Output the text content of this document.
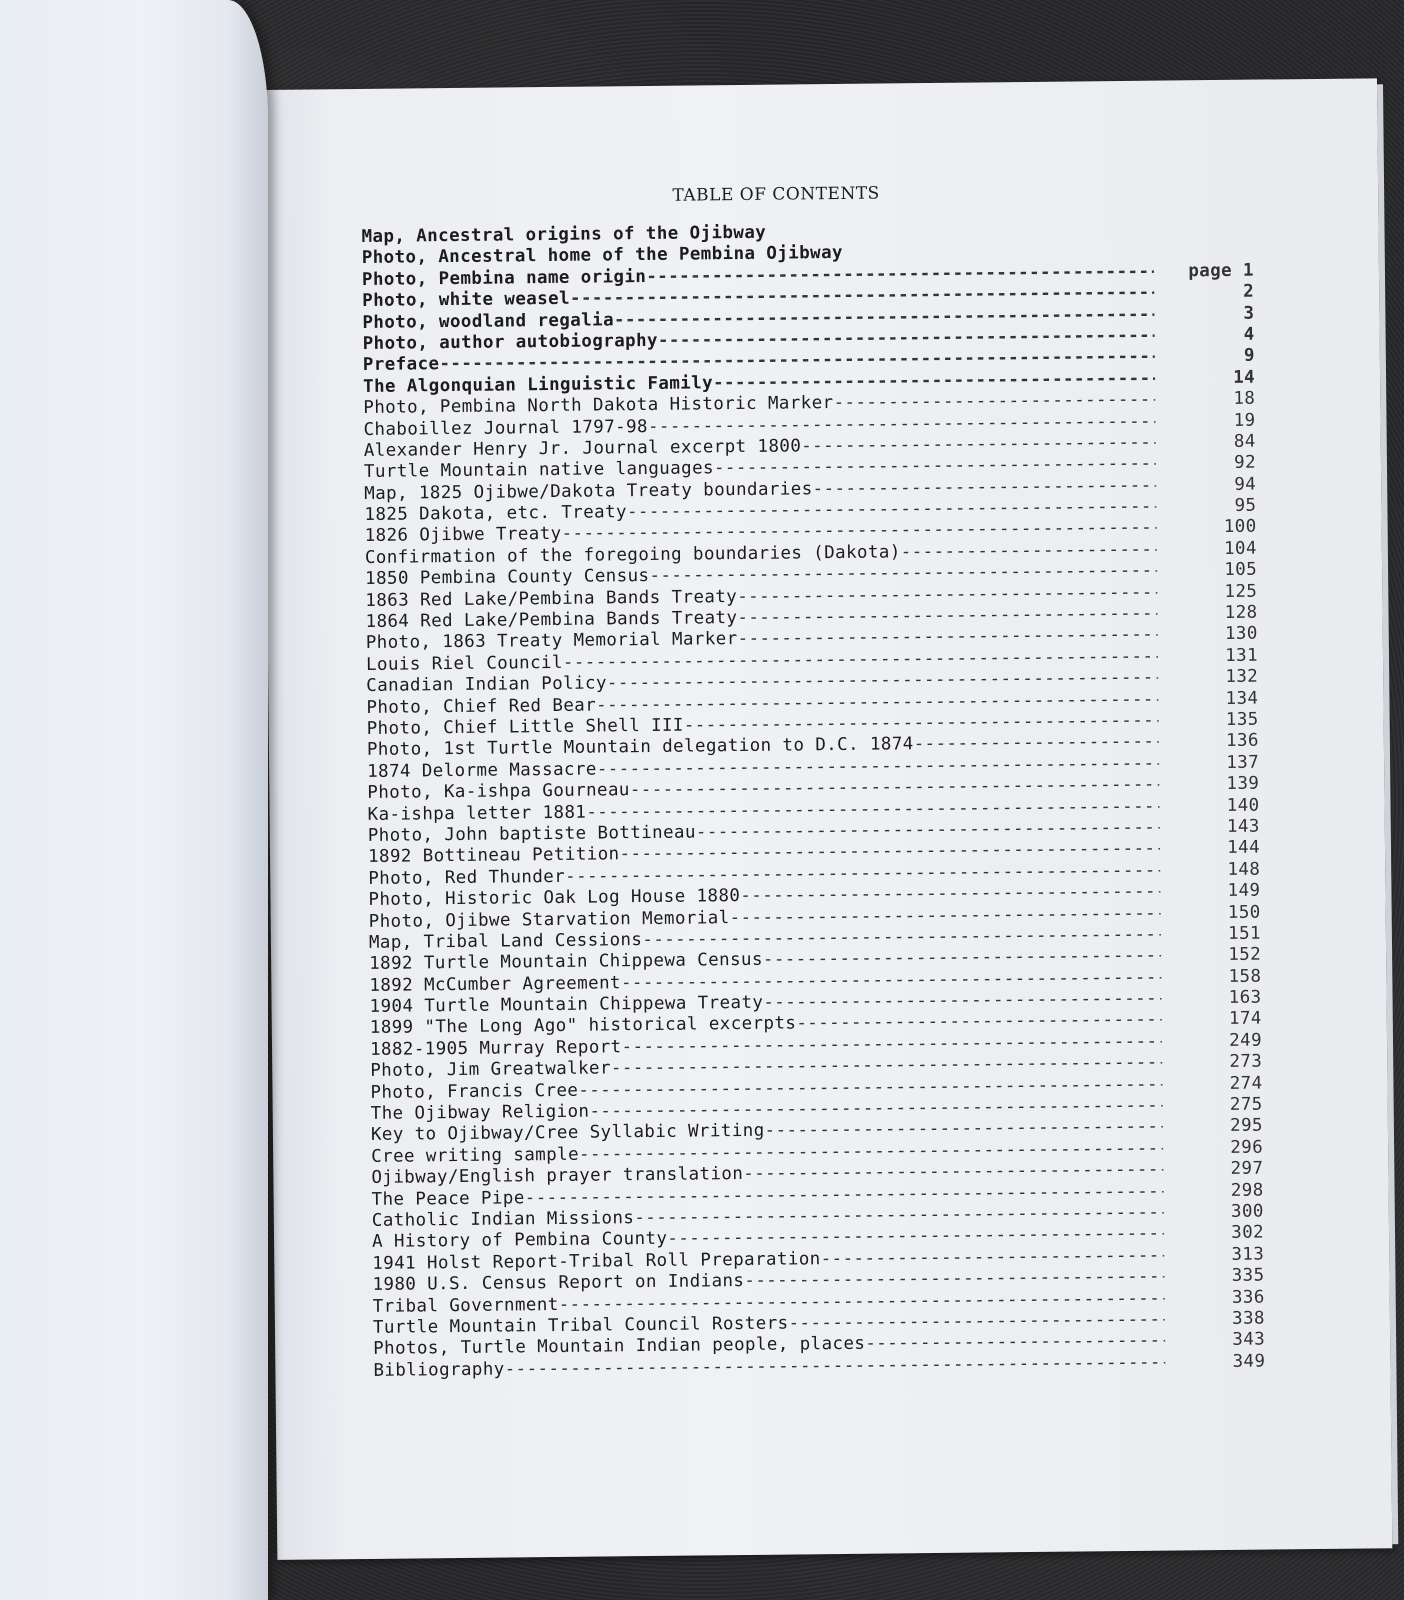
TABLE OF CONTENTS
Map, Ancestral origins of the Ojibway
Photo, Ancestral home of the Pembina Ojibway
Photo, Pembina name origin -----	page 1
Photo, white weasel -----	2
Photo, woodland regalia -----	3
Photo, author autobiography -----	4
Preface -----	9
The Algonquian Linguistic Family -----	14
Photo, Pembina North Dakota Historic Marker -----	18
Chaboillez Journal 1797-98 -----	19
Alexander Henry Jr. Journal excerpt 1800 -----	84
Turtle Mountain native languages -----	92
Map, 1825 Ojibwe/Dakota Treaty boundaries -----	94
1825 Dakota, etc. Treaty -----	95
1826 Ojibwe Treaty -----	100
Confirmation of the foregoing boundaries (Dakota) -----	104
1850 Pembina County Census -----	105
1863 Red Lake/Pembina Bands Treaty -----	125
1864 Red Lake/Pembina Bands Treaty -----	128
Photo, 1863 Treaty Memorial Marker -----	130
Louis Riel Council -----	131
Canadian Indian Policy -----	132
Photo, Chief Red Bear -----	134
Photo, Chief Little Shell III -----	135
Photo, 1st Turtle Mountain delegation to D.C. 1874 -----	136
1874 Delorme Massacre -----	137
Photo, Ka-ishpa Gourneau -----	139
Ka-ishpa letter 1881 -----	140
Photo, John baptiste Bottineau -----	143
1892 Bottineau Petition -----	144
Photo, Red Thunder -----	148
Photo, Historic Oak Log House 1880 -----	149
Photo, Ojibwe Starvation Memorial -----	150
Map, Tribal Land Cessions -----	151
1892 Turtle Mountain Chippewa Census -----	152
1892 McCumber Agreement -----	158
1904 Turtle Mountain Chippewa Treaty -----	163
1899 "The Long Ago" historical excerpts -----	174
1882-1905 Murray Report -----	249
Photo, Jim Greatwalker -----	273
Photo, Francis Cree -----	274
The Ojibway Religion -----	275
Key to Ojibway/Cree Syllabic Writing -----	295
Cree writing sample -----	296
Ojibway/English prayer translation -----	297
The Peace Pipe -----	298
Catholic Indian Missions -----	300
A History of Pembina County -----	302
1941 Holst Report-Tribal Roll Preparation -----	313
1980 U.S. Census Report on Indians -----	335
Tribal Government -----	336
Turtle Mountain Tribal Council Rosters -----	338
Photos, Turtle Mountain Indian people, places -----	343
Bibliography -----	349
